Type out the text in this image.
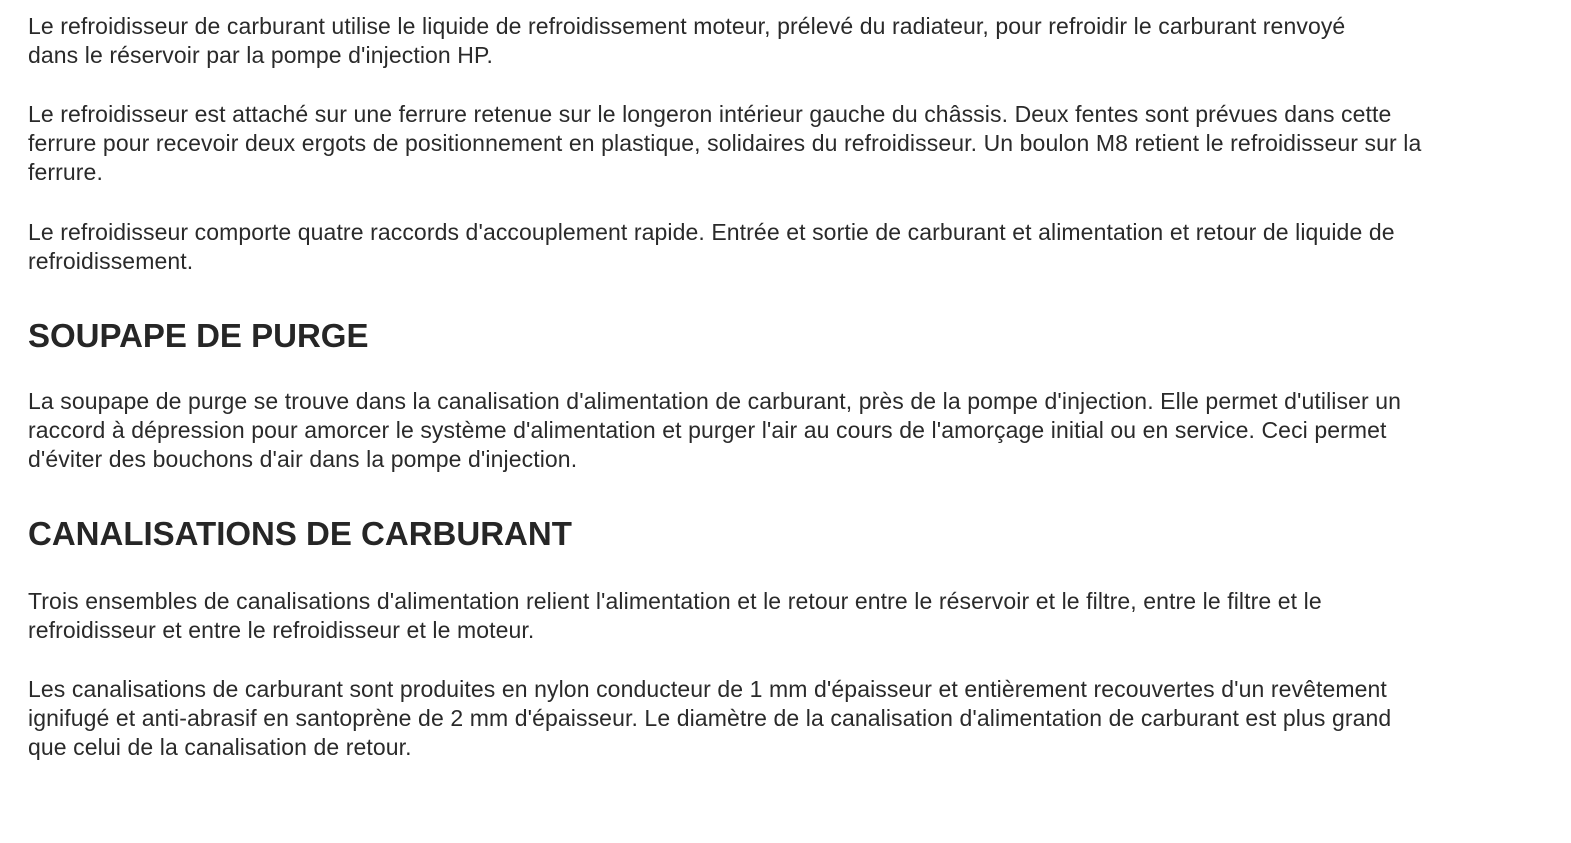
Le refroidisseur de carburant utilise le liquide de refroidissement moteur, prélevé du radiateur, pour refroidir le carburant renvoyé dans le réservoir par la pompe d'injection HP.

Le refroidisseur est attaché sur une ferrure retenue sur le longeron intérieur gauche du châssis. Deux fentes sont prévues dans cette ferrure pour recevoir deux ergots de positionnement en plastique, solidaires du refroidisseur. Un boulon M8 retient le refroidisseur sur la ferrure.

Le refroidisseur comporte quatre raccords d'accouplement rapide. Entrée et sortie de carburant et alimentation et retour de liquide de refroidissement.

SOUPAPE DE PURGE

La soupape de purge se trouve dans la canalisation d'alimentation de carburant, près de la pompe d'injection. Elle permet d'utiliser un raccord à dépression pour amorcer le système d'alimentation et purger l'air au cours de l'amorçage initial ou en service. Ceci permet d'éviter des bouchons d'air dans la pompe d'injection.

CANALISATIONS DE CARBURANT

Trois ensembles de canalisations d'alimentation relient l'alimentation et le retour entre le réservoir et le filtre, entre le filtre et le refroidisseur et entre le refroidisseur et le moteur.

Les canalisations de carburant sont produites en nylon conducteur de 1 mm d'épaisseur et entièrement recouvertes d'un revêtement ignifugé et anti-abrasif en santoprène de 2 mm d'épaisseur. Le diamètre de la canalisation d'alimentation de carburant est plus grand que celui de la canalisation de retour.
